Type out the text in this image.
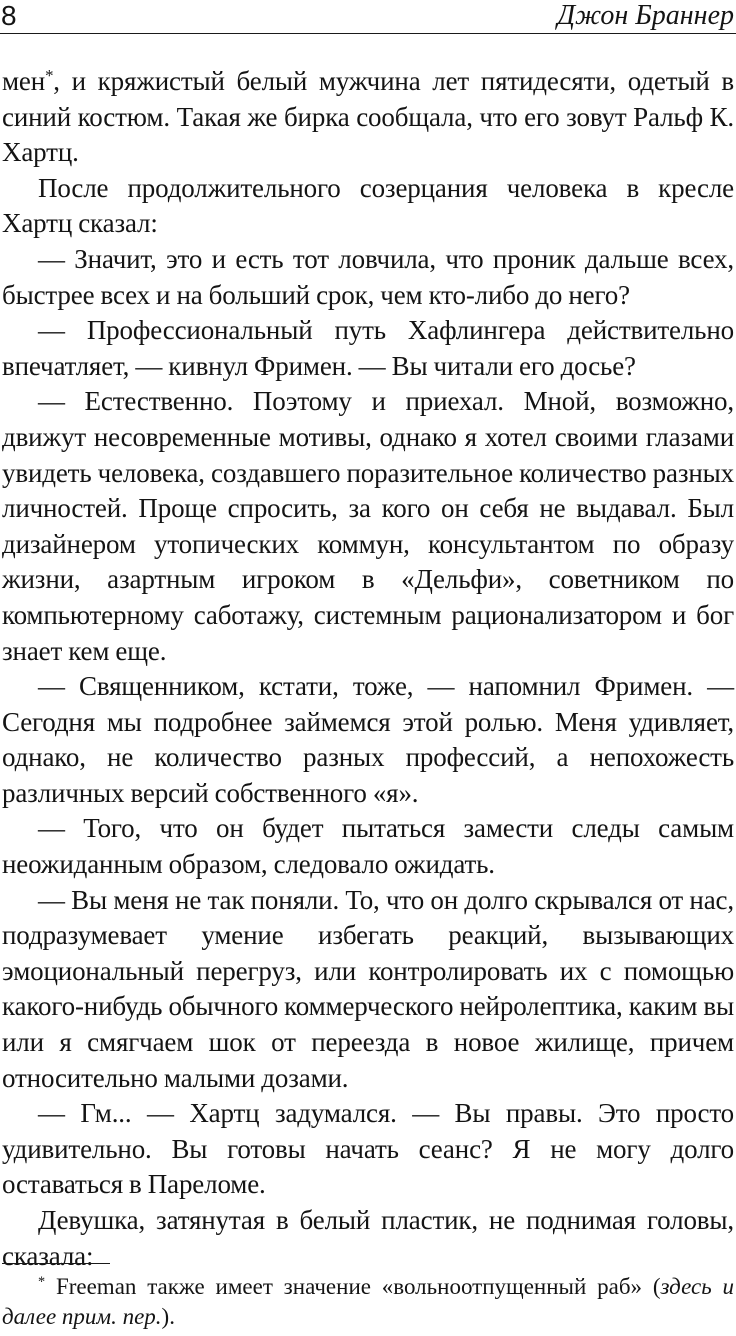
8	Джон Браннер

мен*, и кряжистый белый мужчина лет пятидесяти, одетый в синий костюм. Такая же бирка сообщала, что его зовут Ральф К. Хартц.

После продолжительного созерцания человека в кресле Хартц сказал:

— Значит, это и есть тот ловчила, что проник дальше всех, быстрее всех и на больший срок, чем кто-либо до него?

— Профессиональный путь Хафлингера действительно впечатляет, — кивнул Фримен. — Вы читали его досье?

— Естественно. Поэтому и приехал. Мной, возможно, движут несовременные мотивы, однако я хотел своими глазами увидеть человека, создавшего поразительное количество разных личностей. Проще спросить, за кого он себя не выдавал. Был дизайнером утопических коммун, консультантом по образу жизни, азартным игроком в «Дельфи», советником по компьютерному саботажу, системным рационализатором и бог знает кем еще.

— Священником, кстати, тоже, — напомнил Фримен. — Сегодня мы подробнее займемся этой ролью. Меня удивляет, однако, не количество разных профессий, а непохожесть различных версий собственного «я».

— Того, что он будет пытаться замести следы самым неожиданным образом, следовало ожидать.

— Вы меня не так поняли. То, что он долго скрывался от нас, подразумевает умение избегать реакций, вызывающих эмоциональный перегруз, или контролировать их с помощью какого-нибудь обычного коммерческого нейролептика, каким вы или я смягчаем шок от переезда в новое жилище, причем относительно малыми дозами.

— Гм... — Хартц задумался. — Вы правы. Это просто удивительно. Вы готовы начать сеанс? Я не могу долго оставаться в Пареломе.

Девушка, затянутая в белый пластик, не поднимая головы, сказала:

* Freeman также имеет значение «вольноотпущенный раб» (здесь и далее прим. пер.).
